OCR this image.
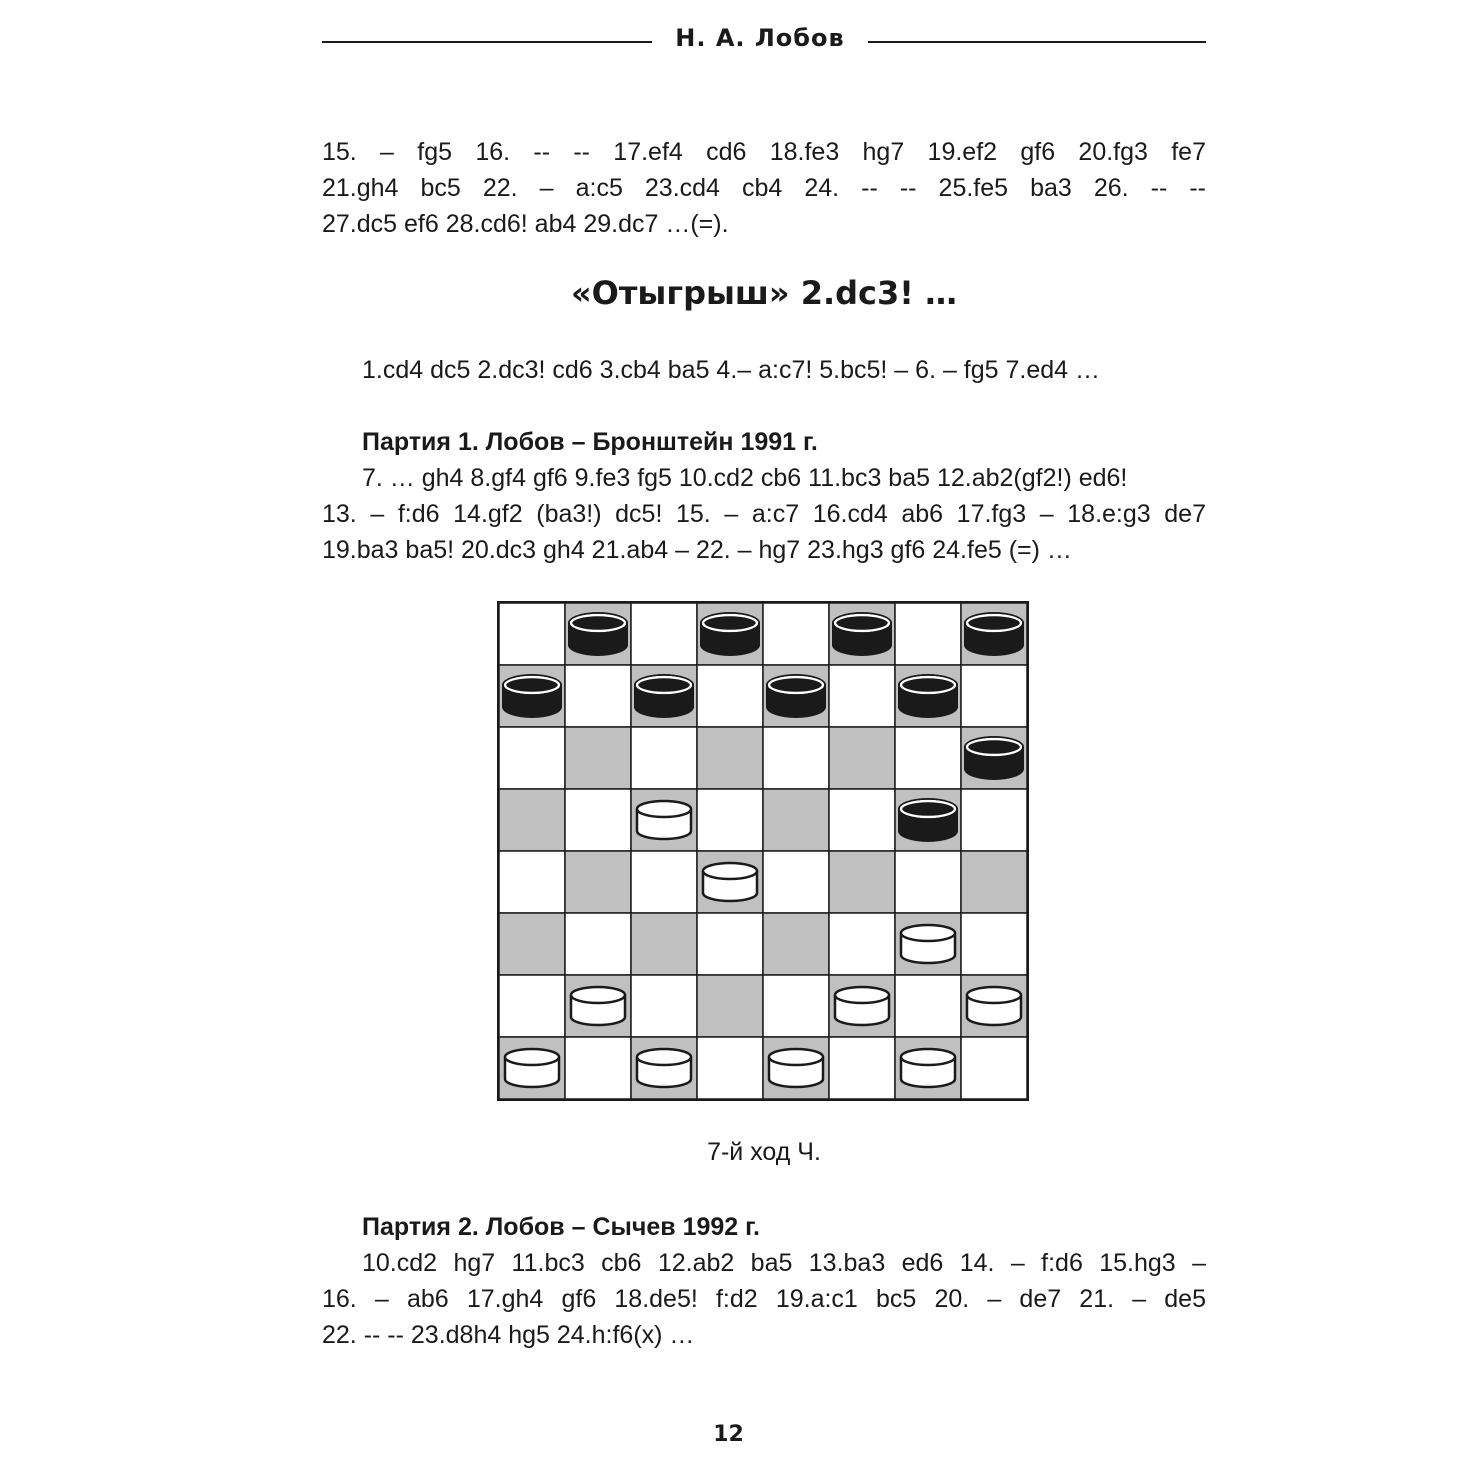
Н. А. Лобов
15. – fg5 16. -- -- 17.ef4 cd6 18.fe3 hg7 19.ef2 gf6 20.fg3 fe7
21.gh4 bc5 22. – a:c5 23.cd4 cb4 24. -- -- 25.fe5 ba3 26. -- --
27.dc5 ef6 28.cd6! ab4 29.dc7 …(=).
«Отыгрыш» 2.dc3! …
1.cd4 dc5 2.dc3! cd6 3.cb4 ba5 4.– a:c7! 5.bc5! – 6. – fg5 7.ed4 …
Партия 1. Лобов – Бронштейн 1991 г.
7. … gh4 8.gf4 gf6 9.fe3 fg5 10.cd2 cb6 11.bc3 ba5 12.ab2(gf2!) ed6!
13. – f:d6 14.gf2 (ba3!) dc5! 15. – a:c7 16.cd4 ab6 17.fg3 – 18.e:g3 de7
19.ba3 ba5! 20.dc3 gh4 21.ab4 – 22. – hg7 23.hg3 gf6 24.fe5 (=) …
7-й ход Ч.
Партия 2. Лобов – Сычев 1992 г.
10.cd2 hg7 11.bc3 cb6 12.ab2 ba5 13.ba3 ed6 14. – f:d6 15.hg3 –
16. – ab6 17.gh4 gf6 18.de5! f:d2 19.a:c1 bc5 20. – de7 21. – de5
22. -- -- 23.d8h4 hg5 24.h:f6(x) …
12
